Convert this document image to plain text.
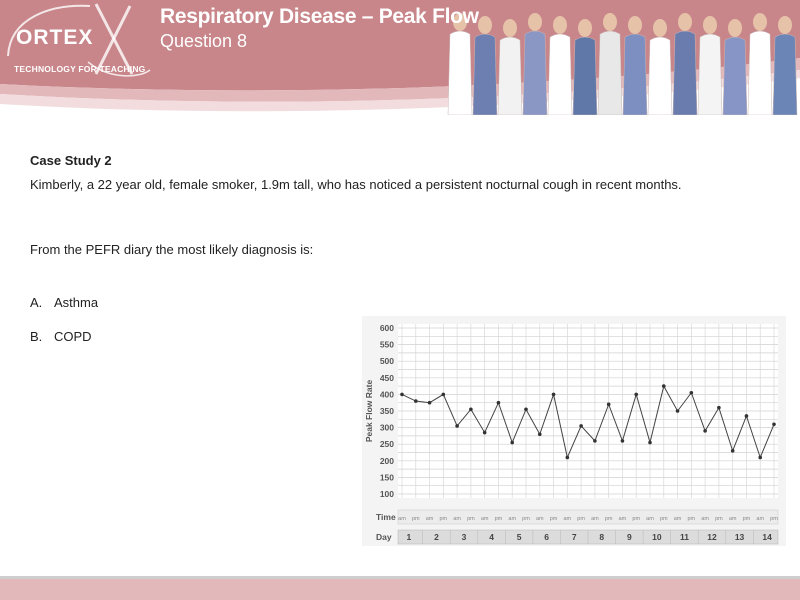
ORTEX
TECHNOLOGY FOR TEACHING
Respiratory Disease – Peak Flow
Question 8

Case Study 2

Kimberly, a 22 year old, female smoker, 1.9m tall, who has noticed a persistent nocturnal cough in recent months.

From the PEFR diary the most likely diagnosis is:
A. Asthma
B. COPD
600
550
500
450
400
350
300
250
200
150
100
Peak Flow Rate
Time am pm am pm am pm am pm am pm am pm am pm am pm am pm am pm am pm am pm am pm am pm
Day 1	2	3	4	5	6	7	8	9 10 11 12 13 14
